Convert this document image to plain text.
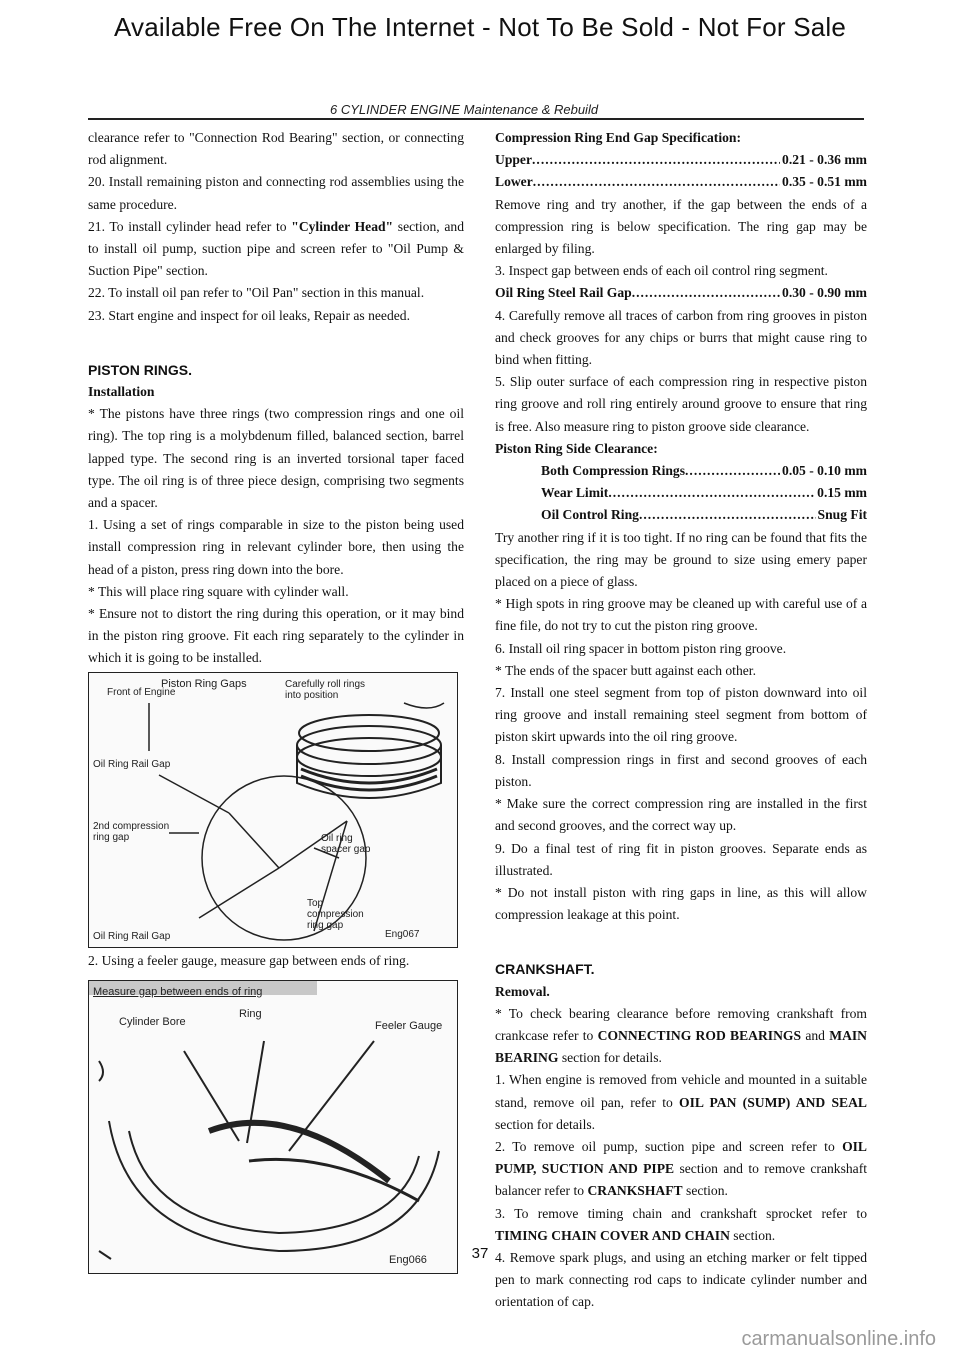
Available Free On The Internet - Not To Be Sold - Not For Sale
6 CYLINDER ENGINE Maintenance & Rebuild

clearance refer to "Connection Rod Bearing" section, or connecting rod alignment.

20. Install remaining piston and connecting rod assemblies using the same procedure.

21. To install cylinder head refer to "Cylinder Head" section, and to install oil pump, suction pipe and screen refer to "Oil Pump & Suction Pipe" section.

22. To install oil pan refer to "Oil Pan" section in this manual.

23. Start engine and inspect for oil leaks, Repair as needed.

PISTON RINGS.

Installation

* The pistons have three rings (two compression rings and one oil ring). The top ring is a molybdenum filled, balanced section, barrel lapped type. The second ring is an inverted torsional taper faced type. The oil ring is of three piece design, comprising two segments and a spacer.

1. Using a set of rings comparable in size to the piston being used install compression ring in relevant cylinder bore, then using the head of a piston, press ring down into the bore.

* This will place ring square with cylinder wall.

* Ensure not to distort the ring during this operation, or it may bind in the piston ring groove. Fit each ring separately to the cylinder in which it is going to be installed.

Piston Ring Gaps
Front of Engine
Carefully roll rings into position
Oil Ring Rail Gap
2nd compression ring gap	Oil ring spacer gap
Top compression ring gap
Oil Ring Rail Gap	Eng067

2. Using a feeler gauge, measure gap between ends of ring.

Measure gap between ends of ring
Cylinder Bore
Ring
Feeler Gauge
Eng066

Compression Ring End Gap Specification:

Upper .....	0.21 - 0.36 mm
Lower .....	0.35 - 0.51 mm

Remove ring and try another, if the gap between the ends of a compression ring is below specification. The ring gap may be enlarged by filing.

3. Inspect gap between ends of each oil control ring segment.

Oil Ring Steel Rail Gap .....	0.30 - 0.90 mm

4. Carefully remove all traces of carbon from ring grooves in piston and check grooves for any chips or burrs that might cause ring to bind when fitting.

5. Slip outer surface of each compression ring in respective piston ring groove and roll ring entirely around groove to ensure that ring is free. Also measure ring to piston groove side clearance.

Piston Ring Side Clearance:

Both Compression Rings .....	0.05 - 0.10 mm
Wear Limit .....	0.15 mm
Oil Control Ring .....	Snug Fit

Try another ring if it is too tight. If no ring can be found that fits the specification, the ring may be ground to size using emery paper placed on a piece of glass.

* High spots in ring groove may be cleaned up with careful use of a fine file, do not try to cut the piston ring groove.

6. Install oil ring spacer in bottom piston ring groove.

* The ends of the spacer butt against each other.

7. Install one steel segment from top of piston downward into oil ring groove and install remaining steel segment from bottom of piston skirt upwards into the oil ring groove.

8. Install compression rings in first and second grooves of each piston.

* Make sure the correct compression ring are installed in the first and second grooves, and the correct way up.

9. Do a final test of ring fit in piston grooves. Separate ends as illustrated.

* Do not install piston with ring gaps in line, as this will allow compression leakage at this point.

CRANKSHAFT.

Removal.

* To check bearing clearance before removing crankshaft from crankcase refer to CONNECTING ROD BEARINGS and MAIN BEARING section for details.

1. When engine is removed from vehicle and mounted in a suitable stand, remove oil pan, refer to OIL PAN (SUMP) AND SEAL section for details.

2. To remove oil pump, suction pipe and screen refer to OIL PUMP, SUCTION AND PIPE section and to remove crankshaft balancer refer to CRANKSHAFT section.

3. To remove timing chain and crankshaft sprocket refer to TIMING CHAIN COVER AND CHAIN section.

4. Remove spark plugs, and using an etching marker or felt tipped pen to mark connecting rod caps to indicate cylinder number and orientation of cap.

37
carmanualsonline.info
